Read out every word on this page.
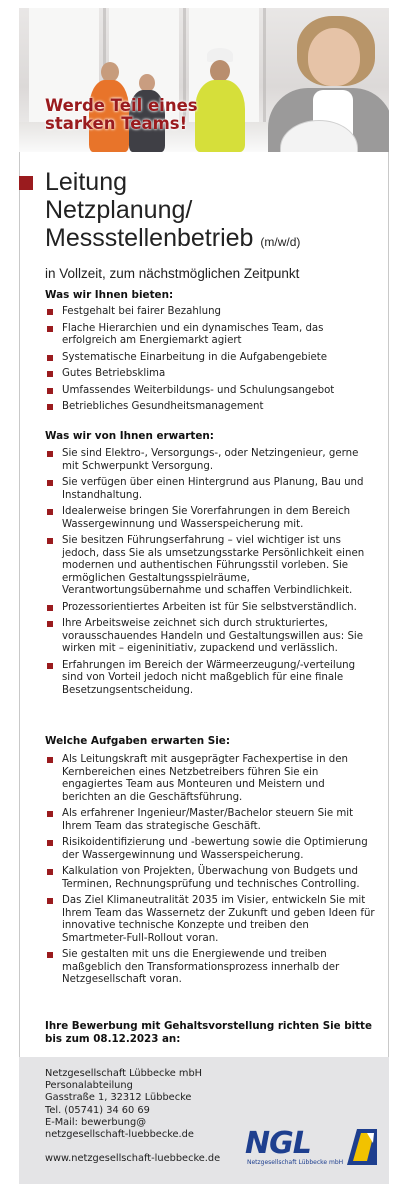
Werde Teil eines
starken Teams!
Leitung
Netzplanung/
Messstellenbetrieb (m/w/d)
in Vollzeit, zum nächstmöglichen Zeitpunkt
Was wir Ihnen bieten:
Festgehalt bei fairer Bezahlung
Flache Hierarchien und ein dynamisches Team, das erfolgreich am Energiemarkt agiert
Systematische Einarbeitung in die Aufgabengebiete
Gutes Betriebsklima
Umfassendes Weiterbildungs- und Schulungsangebot
Betriebliches Gesundheitsmanagement
Was wir von Ihnen erwarten:
Sie sind Elektro-, Versorgungs-, oder Netzingenieur, gerne mit Schwerpunkt Versorgung.
Sie verfügen über einen Hintergrund aus Planung, Bau und Instandhaltung.
Idealerweise bringen Sie Vorerfahrungen in dem Bereich Wassergewinnung und Wasserspeicherung mit.
Sie besitzen Führungserfahrung – viel wichtiger ist uns jedoch, dass Sie als umsetzungsstarke Persönlichkeit einen modernen und authentischen Führungsstil vorleben. Sie ermöglichen Gestaltungsspielräume, Verantwortungsübernahme und schaffen Verbindlichkeit.
Prozessorientiertes Arbeiten ist für Sie selbstverständlich.
Ihre Arbeitsweise zeichnet sich durch strukturiertes, vorausschauendes Handeln und Gestaltungswillen aus: Sie wirken mit – eigeninitiativ, zupackend und verlässlich.
Erfahrungen im Bereich der Wärmeerzeugung/-verteilung sind von Vorteil jedoch nicht maßgeblich für eine finale Besetzungsentscheidung.
Welche Aufgaben erwarten Sie:
Als Leitungskraft mit ausgeprägter Fachexpertise in den Kernbereichen eines Netzbetreibers führen Sie ein engagiertes Team aus Monteuren und Meistern und berichten an die Geschäftsführung.
Als erfahrener Ingenieur/Master/Bachelor steuern Sie mit Ihrem Team das strategische Geschäft.
Risikoidentifizierung und -bewertung sowie die Optimierung der Wassergewinnung und Wasserspeicherung.
Kalkulation von Projekten, Überwachung von Budgets und Terminen, Rechnungsprüfung und technisches Controlling.
Das Ziel Klimaneutralität 2035 im Visier, entwickeln Sie mit Ihrem Team das Wassernetz der Zukunft und geben Ideen für innovative technische Konzepte und treiben den Smartmeter-Full-Rollout voran.
Sie gestalten mit uns die Energiewende und treiben maßgeblich den Transformationsprozess innerhalb der Netzgesellschaft voran.
Ihre Bewerbung mit Gehaltsvorstellung richten Sie bitte
bis zum 08.12.2023 an:
Netzgesellschaft Lübbecke mbH
Personalabteilung
Gasstraße 1, 32312 Lübbecke
Tel. (05741) 34 60 69
E-Mail: bewerbung@
netzgesellschaft-luebbecke.de
www.netzgesellschaft-luebbecke.de NGL
Netzgesellschaft Lübbecke mbH
